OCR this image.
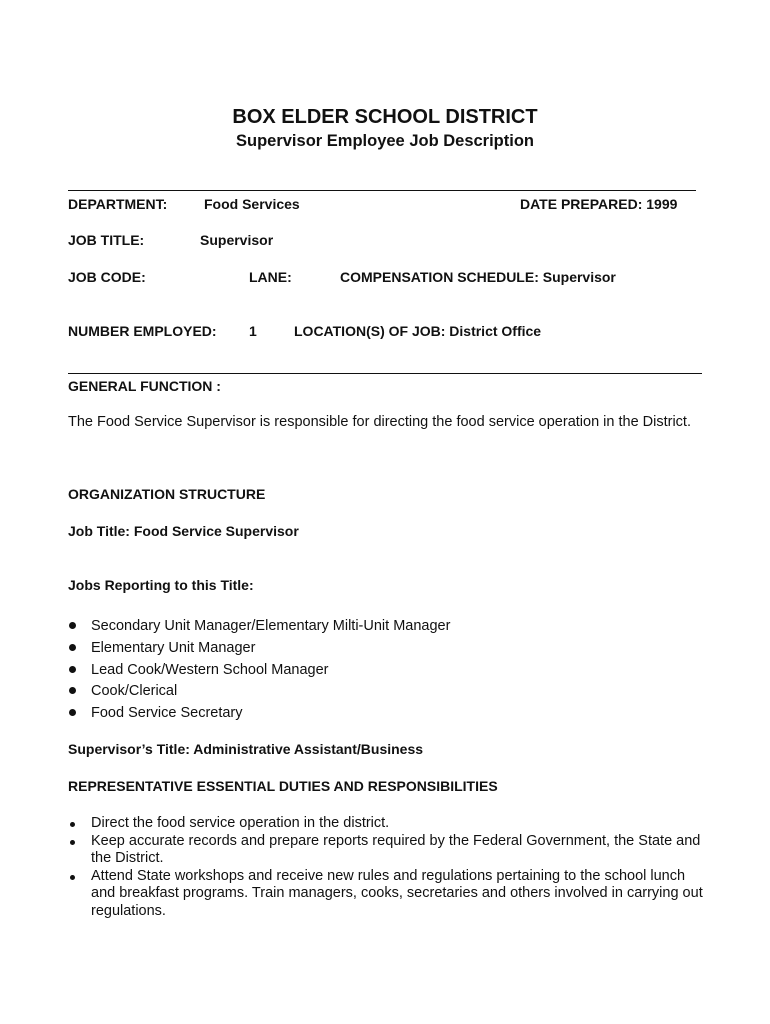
BOX ELDER SCHOOL DISTRICT
Supervisor Employee Job Description
DEPARTMENT:	Food Services	DATE PREPARED: 1999
JOB TITLE:	Supervisor
JOB CODE:	LANE:	COMPENSATION SCHEDULE: Supervisor
NUMBER EMPLOYED: 1	LOCATION(S) OF JOB: District Office
GENERAL FUNCTION :
The Food Service Supervisor is responsible for directing the food service operation in the District.
ORGANIZATION STRUCTURE
Job Title: Food Service Supervisor
Jobs Reporting to this Title:
Secondary Unit Manager/Elementary Milti-Unit Manager
Elementary Unit Manager
Lead Cook/Western School Manager
Cook/Clerical
Food Service Secretary
Supervisor’s Title: Administrative Assistant/Business
REPRESENTATIVE ESSENTIAL DUTIES AND RESPONSIBILITIES
Direct the food service operation in the district.
Keep accurate records and prepare reports required by the Federal Government, the State and the District.
Attend State workshops and receive new rules and regulations pertaining to the school lunch and breakfast programs. Train managers, cooks, secretaries and others involved in carrying out regulations.
